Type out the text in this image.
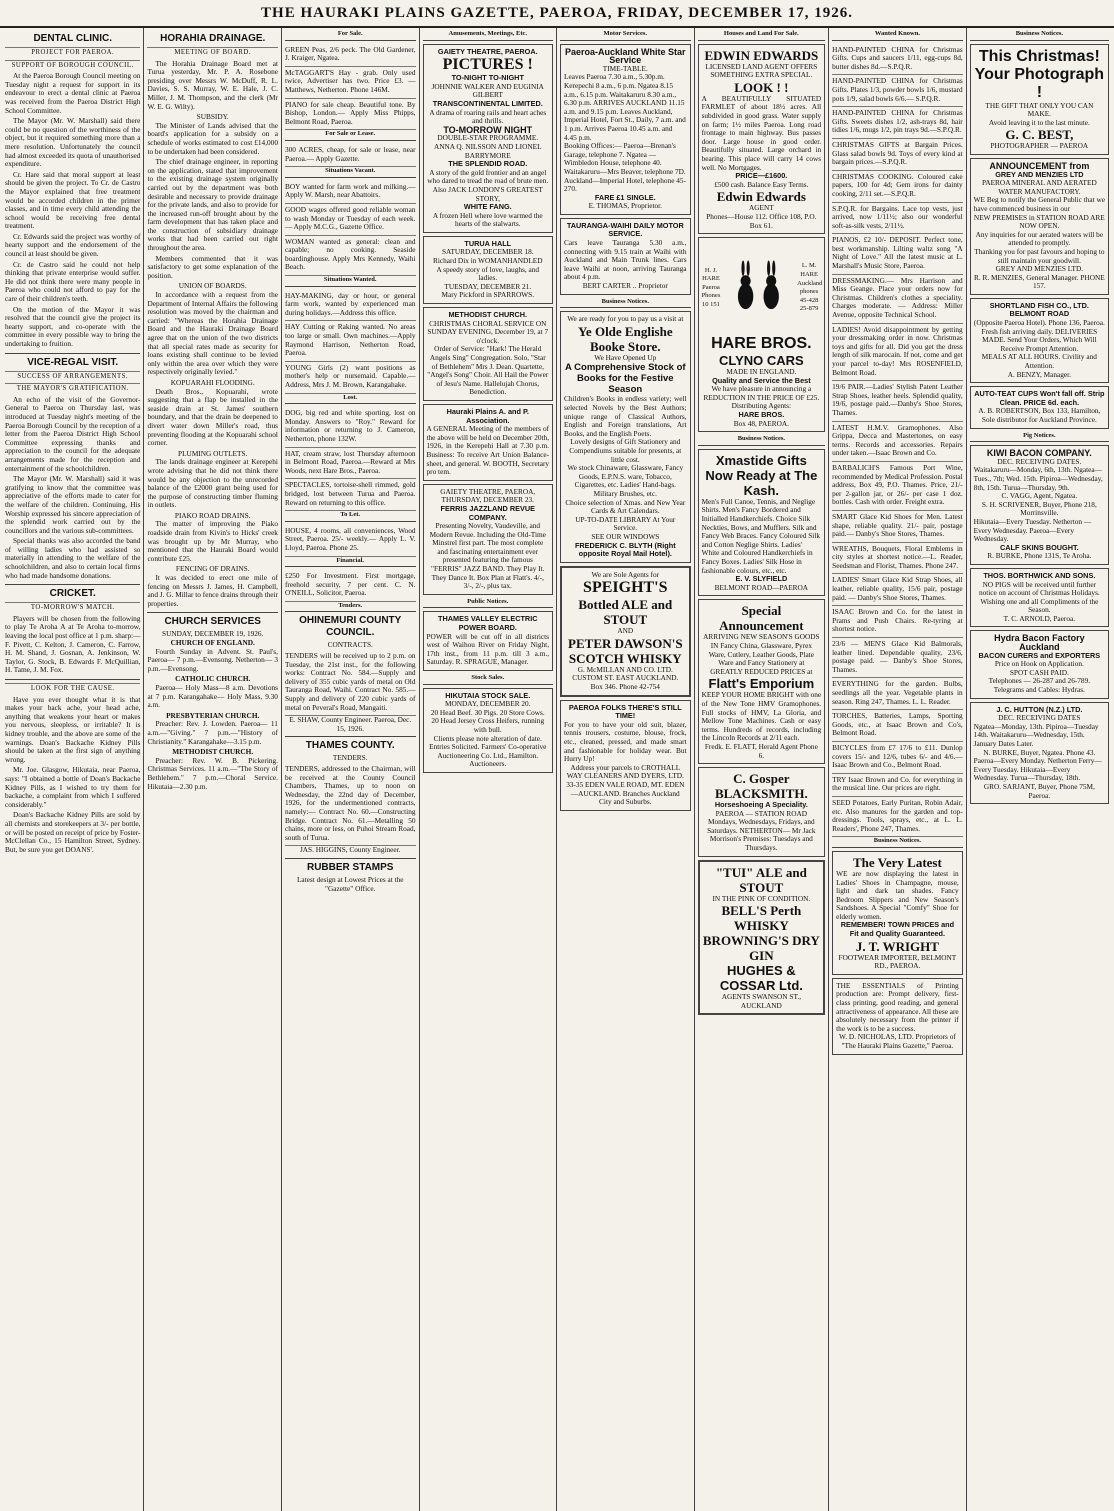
THE HAURAKI PLAINS GAZETTE, PAEROA, FRIDAY, DECEMBER 17, 1926.
DENTAL CLINIC.
PROJECT FOR PAEROA.
SUPPORT OF BOROUGH COUNCIL.

At the Paeroa Borough Council meeting on Tuesday night a request for support in its endeavour to erect a dental clinic at Paeroa was received from the Paeroa District High School Committee.

The Mayor (Mr. W. Marshall) said there could be no question of the worthiness of the object, but it required something more than a mere resolution. Unfortunately the council had almost exceeded its quota of unauthorised expenditure.

Cr. Hare said that moral support at least should be given the project. To Cr. de Castro the Mayor explained that free treatment would be accorded children in the primer classes, and in time every child attending the school would be receiving free dental treatment.

Cr. Edwards said the project was worthy of hearty support and the endorsement of the council at least should be given.

Cr. de Castro said he could not help thinking that private enterprise would suffer. He did not think there were many people in Paeroa who could not afford to pay for the care of their children's teeth.

On the motion of the Mayor it was resolved that the council give the project its hearty support, and co-operate with the committee in every possible way to bring the undertaking to fruition.

VICE-REGAL VISIT.
SUCCESS OF ARRANGEMENTS.
THE MAYOR'S GRATIFICATION.

An echo of the visit of the Governor-General to Paeroa on Thursday last, was introduced at Tuesday night's meeting of the Paeroa Borough Council by the reception of a letter from the Paeroa District High School Committee expressing thanks and appreciation to the council for the adequate arrangements made for the reception and entertainment of the schoolchildren.

The Mayor (Mr. W. Marshall) said it was gratifying to know that the committee was appreciative of the efforts made to cater for the welfare of the children. Continuing, His Worship expressed his sincere appreciation of the splendid work carried out by the councillors and the various sub-committees.

Special thanks was also accorded the band of willing ladies who had assisted so materially in attending to the welfare of the schoolchildren, and also to certain local firms who had made handsome donations.

CRICKET.
TO-MORROW'S MATCH.

Players will be chosen from the following to play Te Aroha A at Te Aroha to-morrow, leaving the local post office at 1 p.m. sharp:— F. Pivett, C. Kelton, J. Cameron, C. Farrow, H. M. Shand, J. Gosnan, A. Jenkinson, W. Taylor, G. Stock, B. Edwards F. McQuillian, H. Tame, J. M. Fox.

LOOK FOR THE CAUSE.

Have you ever thought what it is that makes your back ache, your head ache, anything that weakens your heart or makes you nervous, sleepless, or irritable? It is kidney trouble, and the above are some of the warnings. Doan's Backache Kidney Pills should be taken at the first sign of anything wrong.

Mr. Joe. Glasgow, Hikutaia, near Paeroa, says: "I obtained a bottle of Doan's Backache Kidney Pills, as I wished to try them for backache, a complaint from which I suffered considerably."

Doan's Backache Kidney Pills are sold by all chemists and storekeepers at 3/- per bottle, or will be posted on receipt of price by Foster-McClellan Co., 15 Hamilton Street, Sydney. But, be sure you get DOANS'.

HORAHIA DRAINAGE.
MEETING OF BOARD.

The Horahia Drainage Board met at Turua yesterday, Mr. P. A. Rosebone presiding over Messrs W. McDuff, R. L. Davies, S. S. Murray, W. E. Hale, J. C. Miller, J. M. Thompson, and the clerk (Mr W. E. G. Wilty).

SUBSIDY.

The Minister of Lands advised that the board's application for a subsidy on a schedule of works estimated to cost £14,000 to be undertaken had been considered.

The chief drainage engineer, in reporting on the application, stated that improvement to the existing drainage system originally carried out by the department was both desirable and necessary to provide drainage for the private lands, and also to provide for the increased run-off brought about by the farm development that has taken place and the construction of subsidiary drainage works that had been carried out right throughout the area.

Members commented that it was satisfactory to get some explanation of the position.

UNION OF BOARDS.

In accordance with a request from the Department of Internal Affairs the following resolution was moved by the chairman and carried: "Whereas the Horahia Drainage Board and the Hauraki Drainage Board agree that on the union of the two districts that all special rates made as security for loans existing shall continue to be levied only within the area over which they were respectively originally levied."

KOPUARAHI FLOODING.

Death Bros., Kopuarahi, wrote suggesting that a flap be installed in the seaside drain at St. James' southern boundary, and that the drain be deepened to divert water down Miller's road, thus preventing flooding at the Kopuarahi school corner.

PLUMING OUTLETS.

The lands drainage engineer at Kerepehi wrote advising that he did not think there would be any objection to the unrecorded balance of the £2000 grant being used for the purpose of constructing timber fluming in outlets.

PIAKO ROAD DRAINS.

The matter of improving the Piako roadside drain from Kivin's to Hicks' creek was brought up by Mr Murray, who mentioned that the Hauraki Board would contribute £25.

FENCING OF DRAINS.

It was decided to erect one mile of fencing on Messrs J. James, H. Campbell, and J. G. Millar to fence drains through their properties.

CHURCH SERVICES
SUNDAY, DECEMBER 19, 1926.
CHURCH OF ENGLAND.

Fourth Sunday in Advent. St. Paul's, Paeroa— 7 p.m.—Evensong. Netherton— 3 p.m.—Evensong.

CATHOLIC CHURCH.

Paeroa— Holy Mass—8 a.m. Devotions at 7 p.m. Karangahake— Holy Mass, 9.30 a.m.

PRESBYTERIAN CHURCH.

Preacher: Rev. J. Lowden. Paeroa— 11 a.m.—"Giving." 7 p.m.—"History of Christianity." Karangahake—3.15 p.m.

METHODIST CHURCH.

Preacher: Rev. W. B. Pickering. Christmas Services. 11 a.m.—"The Story of Bethlehem." 7 p.m.—Choral Service. Hikutaia—2.30 p.m.

For Sale.
GREEN Peas, 2/6 peck. The Old Gardener, J. Kraiger, Ngatea.
McTAGGART'S Hay - grab. Only used twice, Advertiser has two. Price £3. — Matthews, Netherton. Phone 146M.
PIANO for sale cheap. Beautiful tone. By Bishop, London.— Apply Miss Phipps, Belmont Road, Paeroa.
For Sale or Lease.
300 ACRES, cheap, for sale or lease, near Paeroa.— Apply Gazette.
Situations Vacant.
BOY wanted for farm work and milking.— Apply W. Marsh, near Abattoirs.
GOOD wages offered good reliable woman to wash Monday or Tuesday of each week.— Apply M.C.G., Gazette Office.
WOMAN wanted as general: clean and capable; no cooking. Seaside boardinghouse. Apply Mrs Kennedy, Waihi Beach.
Situations Wanted.
HAY-MAKING, day or hour, or general farm work, wanted by experienced man during holidays.—Address this office.
HAY Cutting or Raking wanted. No areas too large or small. Own machines.—Apply Raymond Harrison, Netherton Road, Paeroa.
YOUNG Girls (2) want positions as mother's help or nursemaid. Capable.—Address, Mrs J. M. Brown, Karangahake.
Lost.
DOG, big red and white sporting, lost on Monday. Answers to "Roy." Reward for information or returning to J. Cameron, Netherton, phone 132W.
HAT, cream straw, lost Thursday afternoon in Belmont Road, Paeroa.—Reward at Mrs Woods, next Hare Bros., Paeroa.
SPECTACLES, tortoise-shell rimmed, gold bridged, lost between Turua and Paeroa. Reward on returning to this office.
To Let.
HOUSE, 4 rooms, all conveniences, Wood Street, Paeroa. 25/- weekly.— Apply L. V. Lloyd, Paeroa. Phone 25.
Financial.
£250 For Investment. First mortgage, freehold security, 7 per cent. C. N. O'NEILL, Solicitor, Paeroa.
Tenders.
OHINEMURI COUNTY COUNCIL.
CONTRACTS.
TENDERS will be received up to 2 p.m. on Tuesday, the 21st inst., for the following works: Contract No. 584.—Supply and delivery of 355 cubic yards of metal on Old Tauranga Road, Waihi. Contract No. 585.—Supply and delivery of 220 cubic yards of metal on Peveral's Road, Mangaiti.
E. SHAW, County Engineer. Paeroa, Dec. 15, 1926.
THAMES COUNTY.
TENDERS.
TENDERS, addressed to the Chairman, will be received at the County Council Chambers, Thames, up to noon on Wednesday, the 22nd day of December, 1926, for the undermentioned contracts, namely:— Contract No. 60.—Constructing Bridge. Contract No. 61.—Metalling 50 chains, more or less, on Puhoi Stream Road, south of Turua.
JAS. HIGGINS, County Engineer.
RUBBER STAMPS
Latest design at Lowest Prices at the "Gazette" Office.
Amusements, Meetings, Etc.
GAIETY THEATRE, PAEROA.
PICTURES !
TO-NIGHT TO-NIGHT
JOHNNIE WALKER AND EUGINIA GILBERT
TRANSCONTINENTAL LIMITED.
A drama of roaring rails and heart aches and thrills.
TO-MORROW NIGHT
DOUBLE-STAR PROGRAMME.
ANNA Q. NILSSON AND LIONEL BARRYMORE
THE SPLENDID ROAD.
A story of the gold frontier and an angel who dared to tread the road of brute men.
Also JACK LONDON'S GREATEST STORY,
WHITE FANG.
A frozen Hell where love warmed the hearts of the stalwarts.
TURUA HALL
SATURDAY, DECEMBER 18.
Richard Dix in WOMANHANDLED
A speedy story of love, laughs, and ladies.
TUESDAY, DECEMBER 21.
Mary Pickford in SPARROWS.
METHODIST CHURCH.
CHRISTMAS CHORAL SERVICE ON SUNDAY EVENING, December 19, at 7 o'clock.
Order of Service: "Hark! The Herald Angels Sing" Congregation. Solo, "Star of Bethlehem" Mrs J. Dean. Quartette, "Angel's Song" Choir. All Hail the Power of Jesu's Name. Hallelujah Chorus, Benediction.
Hauraki Plains A. and P. Association.
A GENERAL Meeting of the members of the above will be held on December 20th, 1926, in the Kerepehi Hall at 7.30 p.m. Business: To receive Art Union Balance-sheet, and general. W. BOOTH, Secretary pro tem.
GAIETY THEATRE, PAEROA,
THURSDAY, DECEMBER 23.
FERRIS JAZZLAND REVUE COMPANY.
Presenting Novelty, Vaudeville, and Modern Revue. Including the Old-Time Minstrel first part. The most complete and fascinating entertainment ever presented featuring the famous "FERRIS" JAZZ BAND. They Play It. They Dance It. Box Plan at Flatt's. 4/-, 3/-, 2/-, plus tax.
Public Notices.
THAMES VALLEY ELECTRIC POWER BOARD.
POWER will be cut off in all districts west of Waihou River on Friday Night, 17th inst., from 11 p.m. till 3 a.m., Saturday. R. SPRAGUE, Manager.
Stock Sales.
HIKUTAIA STOCK SALE.
MONDAY, DECEMBER 20.
20 Head Beef. 30 Pigs. 20 Store Cows. 20 Head Jersey Cross Heifers, running with bull.
Clients please note alteration of date.
Entries Solicited. Farmers' Co-operative Auctioneering Co. Ltd., Hamilton. Auctioneers.
Motor Services.
Paeroa-Auckland White Star Service
TIME-TABLE.
Leaves Paeroa 7.30 a.m., 5.30p.m. Kerepechi 8 a.m., 6 p.m. Ngatea 8.15 a.m., 6.15 p.m. Waitakaruru 8.30 a.m., 6.30 p.m. ARRIVES AUCKLAND 11.15 a.m. and 9.15 p.m. Leaves Auckland, Imperial Hotel, Fort St., Daily, 7 a.m. and 1 p.m. Arrives Paeroa 10.45 a.m. and 4.45 p.m.
Booking Offices:— Paeroa—Brenan's Garage, telephone 7. Ngatea — Wimbledon House, telephone 40. Waitakaruru—Mrs Beaver, telephone 7D. Auckland—Imperial Hotel, telephone 45-270.
FARE £1 SINGLE.
E. THOMAS, Proprietor.
TAURANGA-WAIHI DAILY MOTOR SERVICE.
Cars leave Tauranga 5.30 a.m., connecting with 9.15 train at Waihi with Auckland and Main Trunk lines. Cars leave Waihi at noon, arriving Tauranga about 4 p.m.
BERT CARTER .. Proprietor
Business Notices.
We are ready for you to pay us a visit at
Ye Olde Englishe Booke Store.
We Have Opened Up
A Comprehensive Stock of Books for the Festive Season
Children's Books in endless variety; well selected Novels by the Best Authors; unique range of Classical Authors, English and Foreign translations, Art Books, and the English Poets.
Lovely designs of Gift Stationery and Compendiums suitable for presents, at little cost.
We stock Chinaware, Glassware, Fancy Goods, E.P.N.S. ware, Tobacco, Cigarettes, etc. Ladies' Hand-bags. Military Brushes, etc.
Choice selection of Xmas. and New Year Cards & Art Calendars.
UP-TO-DATE LIBRARY At Your Service.
SEE OUR WINDOWS
FREDERICK C. BLYTH (Right opposite Royal Mail Hotel).
We are Sole Agents for
SPEIGHT'S
Bottled ALE and STOUT
AND
PETER DAWSON'S
SCOTCH WHISKY
G. McMILLAN AND CO. LTD.
CUSTOM ST. EAST AUCKLAND.
Box 346. Phone 42-754
PAEROA FOLKS THERE'S STILL TIME!
For you to have your old suit, blazer, tennis trousers, costume, blouse, frock, etc., cleaned, pressed, and made smart and fashionable for holiday wear. But Hurry Up!
Address your parcels to CROTHALL WAY CLEANERS AND DYERS, LTD. 33-35 EDEN VALE ROAD, MT. EDEN—AUCKLAND. Branches Auckland City and Suburbs.
Houses and Land For Sale.
EDWIN EDWARDS
LICENSED LAND AGENT OFFERS SOMETHING EXTRA SPECIAL.
LOOK ! !
A BEAUTIFULLY SITUATED FARMLET of about 18½ acres. All subdivided in good grass. Water supply on farm; 1½ miles Paeroa. Long road frontage to main highway. Bus passes door. Large house in good order. Beautifully situated. Large orchard in bearing. This place will carry 14 cows well. No Mortgages.
PRICE—£1600.
£500 cash. Balance Easy Terms.
Edwin Edwards
AGENT
Phones—House 112. Office 108, P.O. Box 61.
H. J. HARE Paeroa Phones 10 151
L. M. HARE Auckland phones 45-428 25-879
HARE BROS.
CLYNO CARS
MADE IN ENGLAND.
Quality and Service the Best
We have pleasure in announcing a REDUCTION IN THE PRICE OF £25.
Distributing Agents:
HARE BROS.
Box 48, PAEROA.
Business Notices.
Xmastide Gifts Now Ready at The Kash.
Men's Full Canoe, Tennis, and Neglige Shirts. Men's Fancy Bordered and Initialled Handkerchiefs. Choice Silk Neckties, Bows, and Mufflers. Silk and Fancy Web Braces. Fancy Coloured Silk and Cotton Neglige Shirts. Ladies' White and Coloured Handkerchiefs in Fancy Boxes. Ladies' Silk Hose in fashionable colours, etc., etc.
E. V. SLYFIELD
BELMONT ROAD—PAEROA
Special Announcement
ARRIVING NEW SEASON'S GOODS IN Fancy China, Glassware, Pyrex Ware, Cutlery, Leather Goods, Plate Ware and Fancy Stationery at GREATLY REDUCED PRICES at
Flatt's Emporium
KEEP YOUR HOME BRIGHT with one of the New Tone HMV Gramophones. Full stocks of HMV, La Gloria, and Mellow Tone Machines. Cash or easy terms. Hundreds of records, including the Lincoln Records at 2/11 each.
Fredk. E. FLATT, Herald Agent Phone 6.
C. Gosper BLACKSMITH.
Horseshoeing A Speciality.
PAEROA — STATION ROAD Mondays, Wednesdays, Fridays, and Saturdays. NETHERTON— Mr Jack Morrison's Premises: Tuesdays and Thursdays.
"TUI" ALE and STOUT
IN THE PINK OF CONDITION.
BELL'S Perth WHISKY
BROWNING'S DRY GIN
HUGHES & COSSAR Ltd.
AGENTS SWANSON ST., AUCKLAND
Wanted Known.
HAND-PAINTED CHINA for Christmas Gifts. Cups and saucers 1/11, egg-cups 8d, butter dishes 8d.—S.P.Q.R.
HAND-PAINTED CHINA for Christmas Gifts. Plates 1/3, powder bowls 1/6, mustard pots 1/9, salad bowls 6/6.— S.P.Q.R.
HAND-PAINTED CHINA for Christmas Gifts. Sweets dishes 1/2, ash-trays 8d, hair tidies 1/6, mugs 1/2, pin trays 9d.—S.P.Q.R.
CHRISTMAS GIFTS at Bargain Prices. Glass salad bowls 9d. Toys of every kind at bargain prices.—S.P.Q.R.
CHRISTMAS COOKING. Coloured cake papers, 100 for 4d; Gem irons for dainty cooking, 2/11 set.—S.P.Q.R.
S.P.Q.R. for Bargains. Lace top vests, just arrived, now 1/11½; also our wonderful soft-as-silk vests, 2/11½.
PIANOS, £2 10/- DEPOSIT. Perfect tone, best workmanship. Lilting waltz song "A Night of Love." All the latest music at L. Marshall's Music Store, Paeroa.
DRESSMAKING.— Mrs Harrison and Miss Geange. Place your orders now for Christmas. Children's clothes a speciality. Charges moderate. — Address: Miller Avenue, opposite Technical School.
LADIES! Avoid disappointment by getting your dressmaking order in now. Christmas toys and gifts for all. Did you get the dress length of silk marocain. If not, come and get your parcel to-day! Mrs ROSENFIELD, Belmont Road.
19/6 PAIR.—Ladies' Stylish Patent Leather Strap Shoes, leather heels. Splendid quality, 19/6, postage paid.—Danby's Shoe Stores, Thames.
LATEST H.M.V. Gramophones. Also Grippa, Decca and Mastertones, on easy terms. Records and accessories. Repairs under taken.—Isaac Brown and Co.
BARBALICH'S Famous Port Wine, recommended by Medical Profession. Postal address, Box 49, P.O. Thames. Price, 21/- per 2-gallon jar, or 26/- per case 1 doz. bottles. Cash with order. Freight extra.
SMART Glace Kid Shoes for Men. Latest shape, reliable quality. 21/- pair, postage paid.— Danby's Shoe Stores, Thames.
WREATHS, Bouquets, Floral Emblems in city styles at shortest notice.—L. Reader, Seedsman and Florist, Thames. Phone 247.
LADIES' Smart Glace Kid Strap Shoes, all leather, reliable quality, 15/6 pair, postage paid. — Danby's Shoe Stores, Thames.
ISAAC Brown and Co. for the latest in Prams and Push Chairs. Re-tyring at shortest notice.
23/6 — MEN'S Glace Kid Balmorals, leather lined. Dependable quality, 23/6, postage paid. — Danby's Shoe Stores, Thames.
EVERYTHING for the garden. Bulbs, seedlings all the year. Vegetable plants in season. Ring 247, Thames. L. L. Reader.
TORCHES, Batteries, Lamps, Sporting Goods, etc., at Isaac Brown and Co's, Belmont Road.
BICYCLES from £7 17/6 to £11. Dunlop covers 15/- and 12/6, tubes 6/- and 4/6.—Isaac Brown and Co., Belmont Road.
TRY Isaac Brown and Co. for everything in the musical line. Our prices are right.
SEED Potatoes, Early Puritan, Robin Adair, etc. Also manures for the garden and top-dressings. Tools, sprays, etc., at L. L. Readers', Phone 247, Thames.
Business Notices.
The Very Latest
WE are now displaying the latest in Ladies' Shoes in Champagne, mouse, light and dark tan shades. Fancy Bedroom Slippers and New Season's Sandshoes. A Special "Comfy" Shoe for elderly women.
REMEMBER! TOWN PRICES and Fit and Quality Guaranteed.
J. T. WRIGHT
FOOTWEAR IMPORTER, BELMONT RD., PAEROA.
THE ESSENTIALS of Printing production are: Prompt delivery, first-class printing, good reading, and general attractiveness of appearance. All these are absolutely necessary from the printer if the work is to be a success.
W. D. NICHOLAS, LTD. Proprietors of "The Hauraki Plains Gazette," Paeroa.
Business Notices.
This Christmas!
Your Photograph !
THE GIFT THAT ONLY YOU CAN MAKE.
Avoid leaving it to the last minute.
G. C. BEST,
PHOTOGRAPHER — PAEROA
ANNOUNCEMENT from
GREY AND MENZIES LTD
PAEROA MINERAL AND AERATED WATER MANUFACTORY.
WE Beg to notify the General Public that we have commenced business in our
NEW PREMISES in STATION ROAD ARE NOW OPEN.
Any inquiries for our aerated waters will be attended to promptly.
Thanking you for past favours and hoping to still maintain your goodwill.
GREY AND MENZIES LTD.
R. R. MENZIES, General Manager. PHONE 157.
SHORTLAND FISH CO., LTD. BELMONT ROAD
(Opposite Paeroa Hotel). Phone 136, Paeroa.
Fresh fish arriving daily. DELIVERIES MADE. Send Your Orders, Which Will Receive Prompt Attention.
MEALS AT ALL HOURS. Civility and Attention.
A. BENZY, Manager.
AUTO-TEAT CUPS Won't fall off. Strip Clean. PRICE 6d. each.
A. B. ROBERTSON, Box 133, Hamilton, Sole distributor for Auckland Province.
Pig Notices.
KIWI BACON COMPANY.
DEC. RECEIVING DATES.
Waitakaruru—Monday, 6th, 13th. Ngatea—Tues., 7th; Wed. 15th. Pipiroa—Wednesday, 8th, 15th. Turua—Thursday, 9th.
C. VAGG, Agent, Ngatea.
S. H. SCRIVENER, Buyer, Phone 218, Morrinsville.
Hikutaia—Every Tuesday. Netherton — Every Wednesday. Paeroa—Every Wednesday.
CALF SKINS BOUGHT.
R. BURKE, Phone 131S, Te Aroha.
THOS. BORTHWICK AND SONS.
NO PIGS will be received until further notice on account of Christmas Holidays.
Wishing one and all Compliments of the Season.
T. C. ARNOLD, Paeroa.
Hydra Bacon Factory Auckland
BACON CURERS and EXPORTERS
Price on Hook on Application.
SPOT CASH PAID.
Telephones — 26-287 and 26-789. Telegrams and Cables: Hydras.
J. C. HUTTON (N.Z.) LTD.
DEC. RECEIVING DATES
Ngatea—Monday, 13th. Pipiroa—Tuesday 14th. Waitakaruru—Wednesday, 15th. January Dates Later.
N. BURKE, Buyer, Ngatea. Phone 43.
Paeroa—Every Monday. Netherton Ferry—Every Tuesday. Hikutaia—Every Wednesday. Turua—Thursday, 18th.
GRO. SARJANT, Buyer, Phone 75M, Paeroa.
